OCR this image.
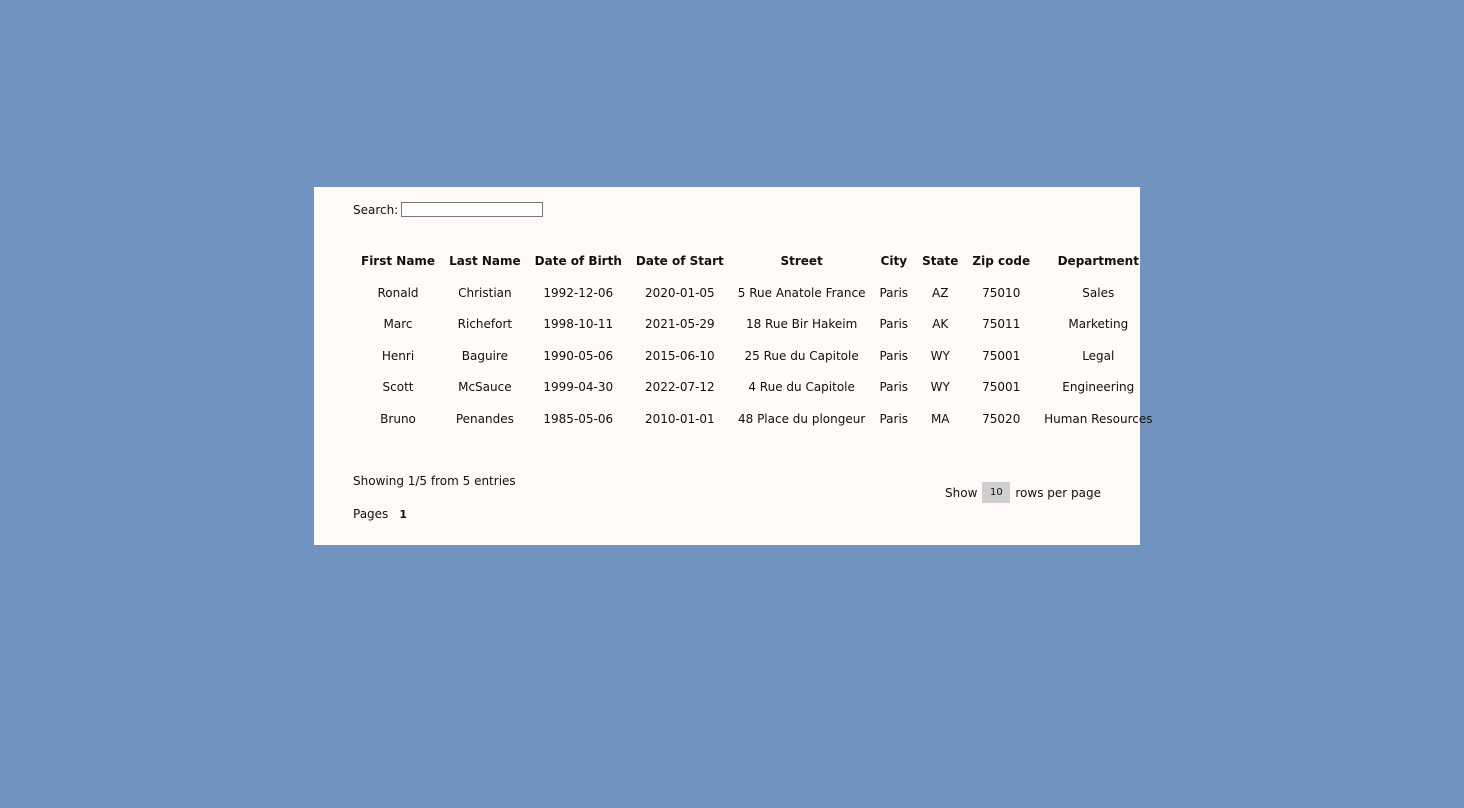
Search:
First Name	Last Name	Date of Birth	Date of Start	Street	City	State	Zip code	Department
Ronald	Christian	1992-12-06	2020-01-05	5 Rue Anatole France	Paris	AZ	75010	Sales
Marc	Richefort	1998-10-11	2021-05-29	18 Rue Bir Hakeim	Paris	AK	75011	Marketing
Henri	Baguire	1990-05-06	2015-06-10	25 Rue du Capitole	Paris	WY	75001	Legal
Scott	McSauce	1999-04-30	2022-07-12	4 Rue du Capitole	Paris	WY	75001	Engineering
Bruno	Penandes	1985-05-06	2010-01-01	48 Place du plongeur	Paris	MA	75020	Human Resources
Showing 1/5 from 5 entries
Pages 1
Show	10	rows per page
